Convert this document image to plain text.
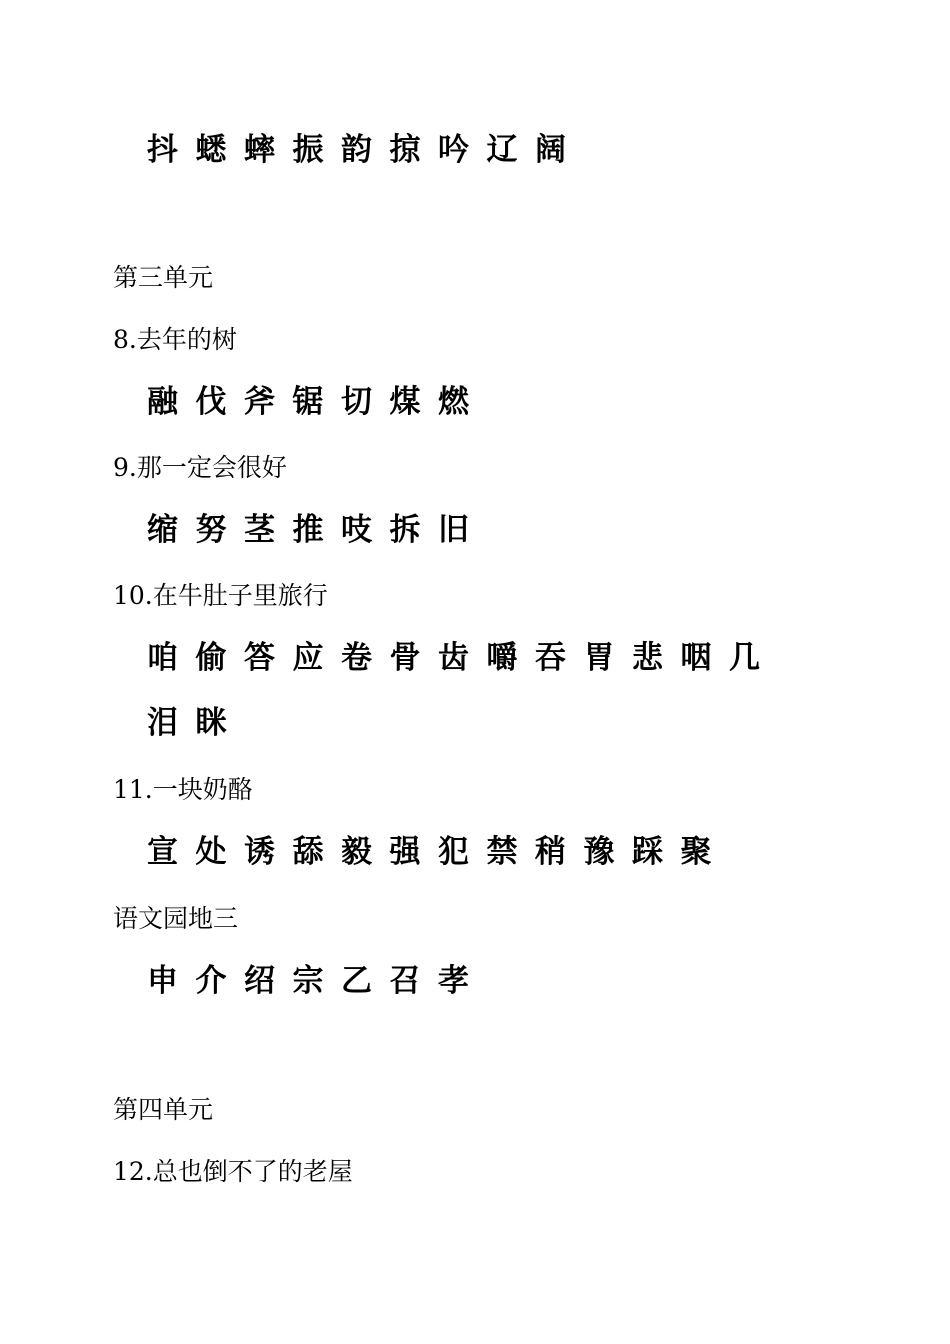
抖 蟋 蟀 振 韵 掠 吟 辽 阔
第三单元
8.去年的树
融 伐 斧 锯 切 煤 燃
9.那一定会很好
缩 努 茎 推 吱 拆 旧
10.在牛肚子里旅行
咱 偷 答 应 卷 骨 齿 嚼 吞 胃 悲 咽 几
泪 眯
11.一块奶酪
宣 处 诱 舔 毅 强 犯 禁 稍 豫 踩 聚
语文园地三
申 介 绍 宗 乙 召 孝
第四单元
12.总也倒不了的老屋
